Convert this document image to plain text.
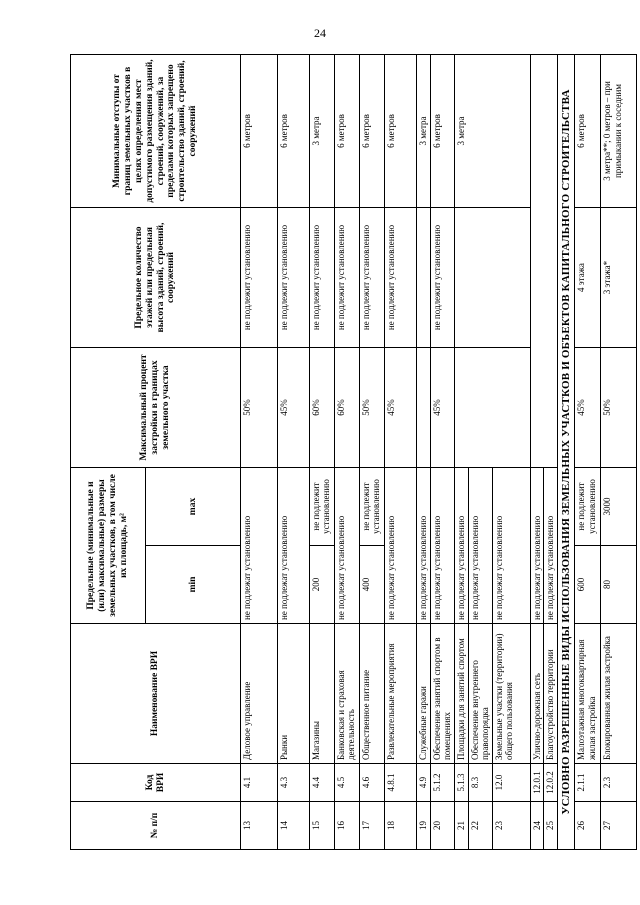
24
№ п/п	Код ВРИ	Наименование ВРИ	Предельные (минимальные и (или) максимальные) размеры земельных участков, в том числе их площадь, м²		Максимальный процент застройки в границах земельного участка	Предельное количество этажей или предельная высота зданий, строений, сооружений	Минимальные отступы от границ земельных участков в целях определения мест допустимого размещения зданий, строений, сооружений, за пределами которых запрещено строительство зданий, строений, сооружений
			min	max			
13	4.1	Деловое управление	не подлежат установлению		50%	не подлежит установлению	6 метров
14	4.3	Рынки	не подлежат установлению		45%	не подлежит установлению	6 метров
15	4.4	Магазины	200	не подлежит установлению	60%	не подлежит установлению	3 метра
16	4.5	Банковская и страховая деятельность	не подлежат установлению		60%	не подлежит установлению	6 метров
17	4.6	Общественное питание	400	не подлежит установлению	50%	не подлежит установлению	6 метров
18	4.8.1	Развлекательные мероприятия	не подлежат установлению		45%	не подлежит установлению	6 метров
19	4.9	Служебные гаражи	не подлежат установлению				3 метра
20	5.1.2	Обеспечение занятий спортом в помещениях	не подлежат установлению		45%	не подлежит установлению	6 метров
21	5.1.3	Площадки для занятий спортом	не подлежат установлению				3 метра
22	8.3	Обеспечение внутреннего правопорядка	не подлежат установлению				
23	12.0	Земельные участки (территории) общего пользования	не подлежат установлению				
24	12.0.1	Улично-дорожная сеть	не подлежат установлению				
25	12.0.2	Благоустройство территории	не подлежат установлению				
УСЛОВНО РАЗРЕШЕННЫЕ ВИДЫ ИСПОЛЬЗОВАНИЯ ЗЕМЕЛЬНЫХ УЧАСТКОВ И ОБЪЕКТОВ КАПИТАЛЬНОГО СТРОИТЕЛЬСТВА							
26	2.1.1	Малоэтажная многоквартирная жилая застройка	600	не подлежит установлению	45%	4 этажа	6 метров
27	2.3	Блокированная жилая застройка	80	3000	50%	3 этажа*	3 метра**; 0 метров – при примыкании к соседним
